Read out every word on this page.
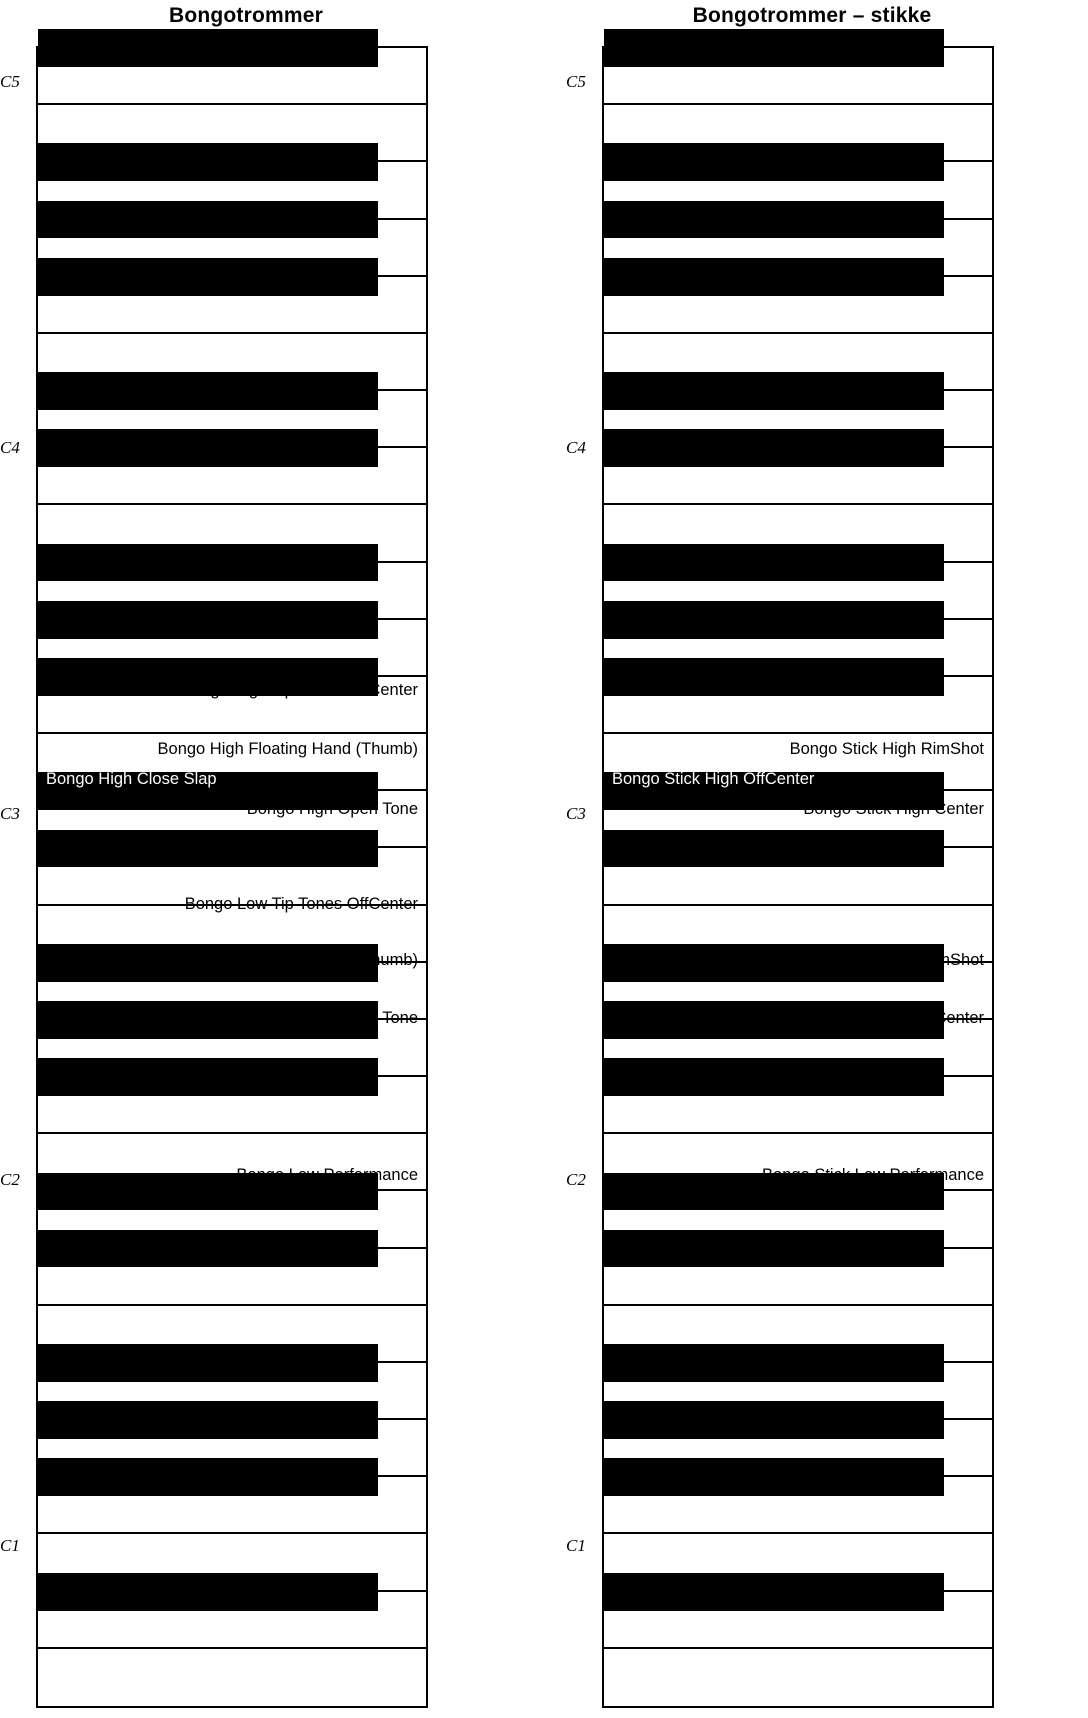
Bongotrommer
Bongo High Tip Tones OffCenter
Bongo High Floating Hand (Finger)
Bongo High Floating Hand (Thumb)
Bongo High Close Slap
Bongo High Open Tone
Bongo Low Tip Tones OffCenter
Bongo Low Floating Hand (Finger)
Bongo Low Floating Hand (Thumb)
Bongo Low Close Slap
Bongo Low Open Tone
Bongo High Performance
Bongo Low Performance
C5
C4
C3
C2
C1
Bongotrommer – stikke
Bongo Stick High RimShot
Bongo Stick High OffCenter
Bongo Stick High Center
Bongo Stick Low RimShot
Bongo Stick Low OffCenter
Bongo Stick Low Center
Bongo Stick High Performance
Bongo Stick Low Performance
C5
C4
C3
C2
C1
